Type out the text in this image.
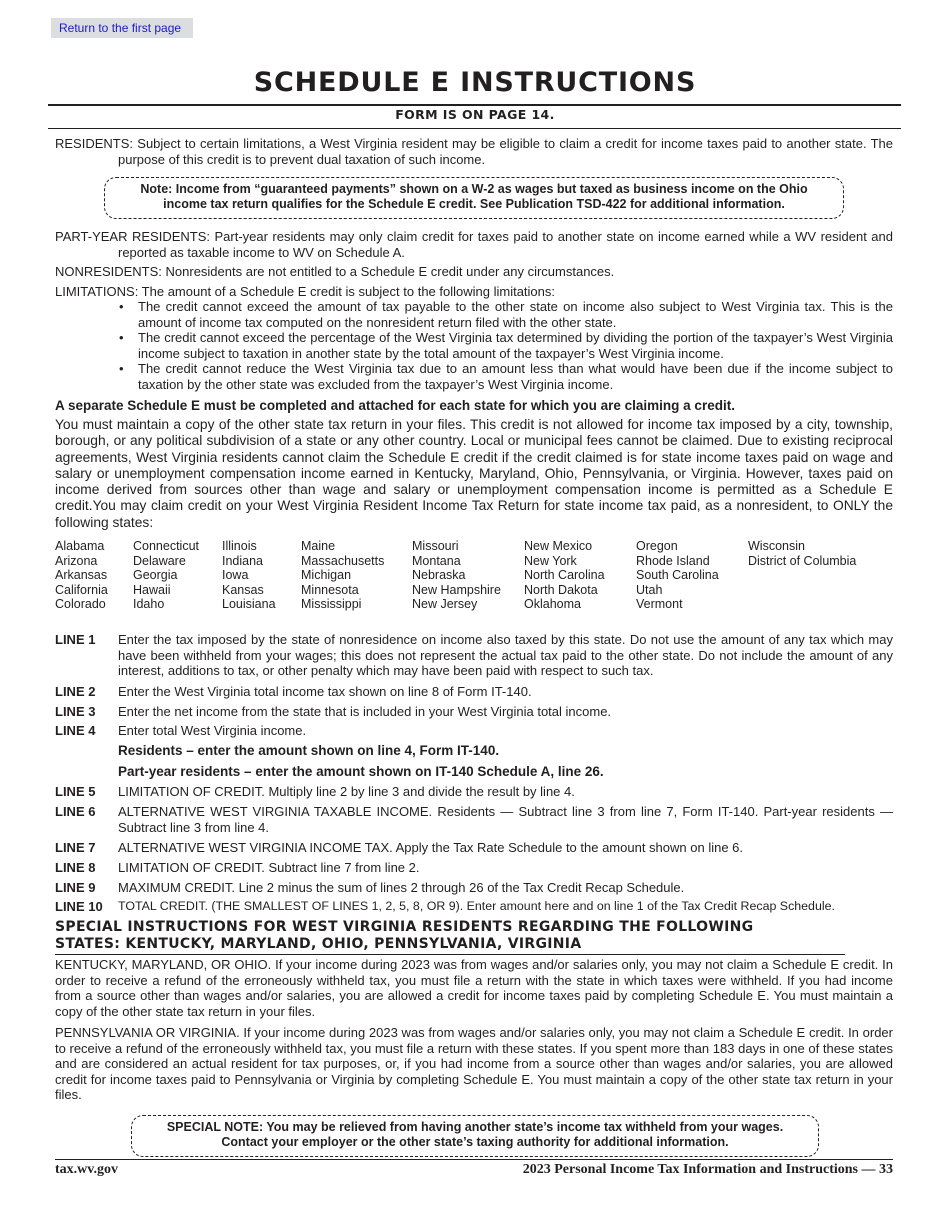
Return to the first page
SCHEDULE E INSTRUCTIONS
FORM IS ON PAGE 14.
RESIDENTS: Subject to certain limitations, a West Virginia resident may be eligible to claim a credit for income taxes paid to another state. The purpose of this credit is to prevent dual taxation of such income.
Note: Income from “guaranteed payments” shown on a W-2 as wages but taxed as business income on the Ohio
income tax return qualifies for the Schedule E credit. See Publication TSD-422 for additional information.
PART-YEAR RESIDENTS: Part-year residents may only claim credit for taxes paid to another state on income earned while a WV resident and reported as taxable income to WV on Schedule A.
NONRESIDENTS: Nonresidents are not entitled to a Schedule E credit under any circumstances.
LIMITATIONS: The amount of a Schedule E credit is subject to the following limitations:
• The credit cannot exceed the amount of tax payable to the other state on income also subject to West Virginia tax. This is the amount of income tax computed on the nonresident return filed with the other state.
• The credit cannot exceed the percentage of the West Virginia tax determined by dividing the portion of the taxpayer’s West Virginia income subject to taxation in another state by the total amount of the taxpayer’s West Virginia income.
• The credit cannot reduce the West Virginia tax due to an amount less than what would have been due if the income subject to taxation by the other state was excluded from the taxpayer’s West Virginia income.
A separate Schedule E must be completed and attached for each state for which you are claiming a credit.
You must maintain a copy of the other state tax return in your files. This credit is not allowed for income tax imposed by a city, township, borough, or any political subdivision of a state or any other country. Local or municipal fees cannot be claimed. Due to existing reciprocal agreements, West Virginia residents cannot claim the Schedule E credit if the credit claimed is for state income taxes paid on wage and salary or unemployment compensation income earned in Kentucky, Maryland, Ohio, Pennsylvania, or Virginia. However, taxes paid on income derived from sources other than wage and salary or unemployment compensation income is permitted as a Schedule E credit.You may claim credit on your West Virginia Resident Income Tax Return for state income tax paid, as a nonresident, to ONLY the following states:
Alabama
Arizona
Arkansas
California
Colorado
Connecticut
Delaware
Georgia
Hawaii
Idaho
Illinois
Indiana
Iowa
Kansas
Louisiana
Maine
Massachusetts
Michigan
Minnesota
Mississippi
Missouri
Montana
Nebraska
New Hampshire
New Jersey
New Mexico
New York
North Carolina
North Dakota
Oklahoma
Oregon
Rhode Island
South Carolina
Utah
Vermont
Wisconsin
District of Columbia
LINE 1 Enter the tax imposed by the state of nonresidence on income also taxed by this state. Do not use the amount of any tax which may have been withheld from your wages; this does not represent the actual tax paid to the other state. Do not include the amount of any interest, additions to tax, or other penalty which may have been paid with respect to such tax.
LINE 2 Enter the West Virginia total income tax shown on line 8 of Form IT-140.
LINE 3 Enter the net income from the state that is included in your West Virginia total income.
LINE 4 Enter total West Virginia income.
Residents – enter the amount shown on line 4, Form IT-140.
Part-year residents – enter the amount shown on IT-140 Schedule A, line 26.
LINE 5 LIMITATION OF CREDIT. Multiply line 2 by line 3 and divide the result by line 4.
LINE 6 ALTERNATIVE WEST VIRGINIA TAXABLE INCOME. Residents — Subtract line 3 from line 7, Form IT-140. Part-year residents — Subtract line 3 from line 4.
LINE 7 ALTERNATIVE WEST VIRGINIA INCOME TAX. Apply the Tax Rate Schedule to the amount shown on line 6.
LINE 8 LIMITATION OF CREDIT. Subtract line 7 from line 2.
LINE 9 MAXIMUM CREDIT. Line 2 minus the sum of lines 2 through 26 of the Tax Credit Recap Schedule.
LINE 10 TOTAL CREDIT. (THE SMALLEST OF LINES 1, 2, 5, 8, OR 9). Enter amount here and on line 1 of the Tax Credit Recap Schedule.
SPECIAL INSTRUCTIONS FOR WEST VIRGINIA RESIDENTS REGARDING THE FOLLOWING
STATES: KENTUCKY, MARYLAND, OHIO, PENNSYLVANIA, VIRGINIA
KENTUCKY, MARYLAND, OR OHIO. If your income during 2023 was from wages and/or salaries only, you may not claim a Schedule E credit. In order to receive a refund of the erroneously withheld tax, you must file a return with the state in which taxes were withheld. If you had income from a source other than wages and/or salaries, you are allowed a credit for income taxes paid by completing Schedule E. You must maintain a copy of the other state tax return in your files.
PENNSYLVANIA OR VIRGINIA. If your income during 2023 was from wages and/or salaries only, you may not claim a Schedule E credit. In order to receive a refund of the erroneously withheld tax, you must file a return with these states. If you spent more than 183 days in one of these states and are considered an actual resident for tax purposes, or, if you had income from a source other than wages and/or salaries, you are allowed credit for income taxes paid to Pennsylvania or Virginia by completing Schedule E. You must maintain a copy of the other state tax return in your files.
SPECIAL NOTE: You may be relieved from having another state’s income tax withheld from your wages.
Contact your employer or the other state’s taxing authority for additional information.
tax.wv.gov	2023 Personal Income Tax Information and Instructions — 33
